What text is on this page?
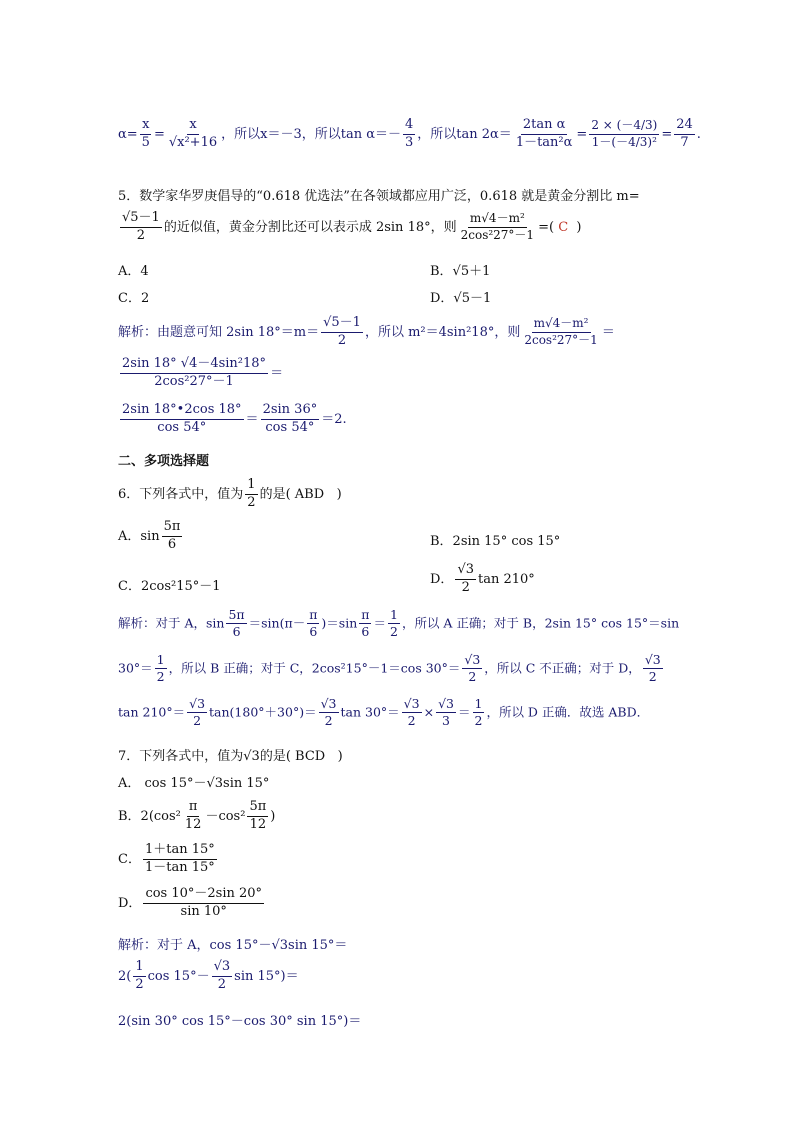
$\alpha= \frac{x}{5} = \frac{x}{\text{√x²+16}}$ ，所以x＝－3，所以$\tan \alpha=- \frac{4}{3}$ ，所以$\tan 2\alpha= \frac{\text{2tan α}}{\text{1－tan²α}} = \frac{2 \times (-4/3)}{\text{1－(－4/3)²}} = \frac{24}{7}$ .
5．数学家华罗庚倡导的“0.618 优选法”在各领域都应用广泛，0.618 就是黄金分割比 m=
$\frac{√5-1}{2}$ 的近似值，黄金分割比还可以表示成 2sin 18°，则 $\frac{\text{m√4－m²}}{\text{2cos²27°－1}}$ =( C )
A．4	B．√5＋1
C．2	D．√5－1
解析：由题意可知 2sin $18^\circ=m= \frac{√5-1}{2}$ ，所以 m²＝4sin²18°，则 $\frac{\text{m√4－m²}}{\text{2cos²27°－1}}$ ＝
$\frac{\text{2sin 18° √4－4sin²18°}}{\text{2cos²27°－1}}$ ＝
$\frac{2\sin 18^\circ•2\cos 18^\circ}{\cos 54^\circ} = \frac{2\sin 36^\circ}{\cos 54^\circ} =2$.
二、多项选择题
6．下列各式中，值为 $\frac{1}{2}$ 的是( ABD )
A．$\sin \frac{5\pi}{6}$	B．2sin 15° cos 15°
C．2cos²15°－1	D． $\frac{√3}{2}$ tan 210°
解析：对于 A，$\sin \frac{5\pi}{6} =\sin(\pi- \frac{\pi}{6} )=\sin \frac{\pi}{6} = \frac{1}{2}$ ，所以 A 正确；对于 B，2sin 15° cos 15°＝sin
$30^\circ= \frac{1}{2}$ ，所以 B 正确；对于 C，2cos²15°－1＝cos $30^\circ= \frac{√3}{2}$ ，所以 C 不正确；对于 D， $\frac{√3}{2}$
$\tan 210^\circ= \frac{√3}{2} \tan(180^\circ+30^\circ)= \frac{√3}{2}$ $\tan 30^\circ= \frac{√3}{2} \times \frac{√3}{3} = \frac{1}{2}$ ，所以 D 正确．故选 ABD．
7．下列各式中，值为√3的是( BCD )
A． cos 15°－√3sin 15°
B．$2(\cos^2 \frac{\pi}{12} -\cos^2 \frac{5\pi}{12}$ )
C． $\frac{1+\tan 15^\circ}{1-\tan 15^\circ}$
D． $\frac{\cos 10^\circ-2\sin 20^\circ}{\sin 10^\circ}$
解析：对于 A，cos 15°－√3sin 15°＝
$2( \frac{1}{2}$ $\cos 15^\circ- \frac{√3}{2}$ sin 15°)＝
2(sin 30° cos 15°－cos 30° sin 15°)＝
